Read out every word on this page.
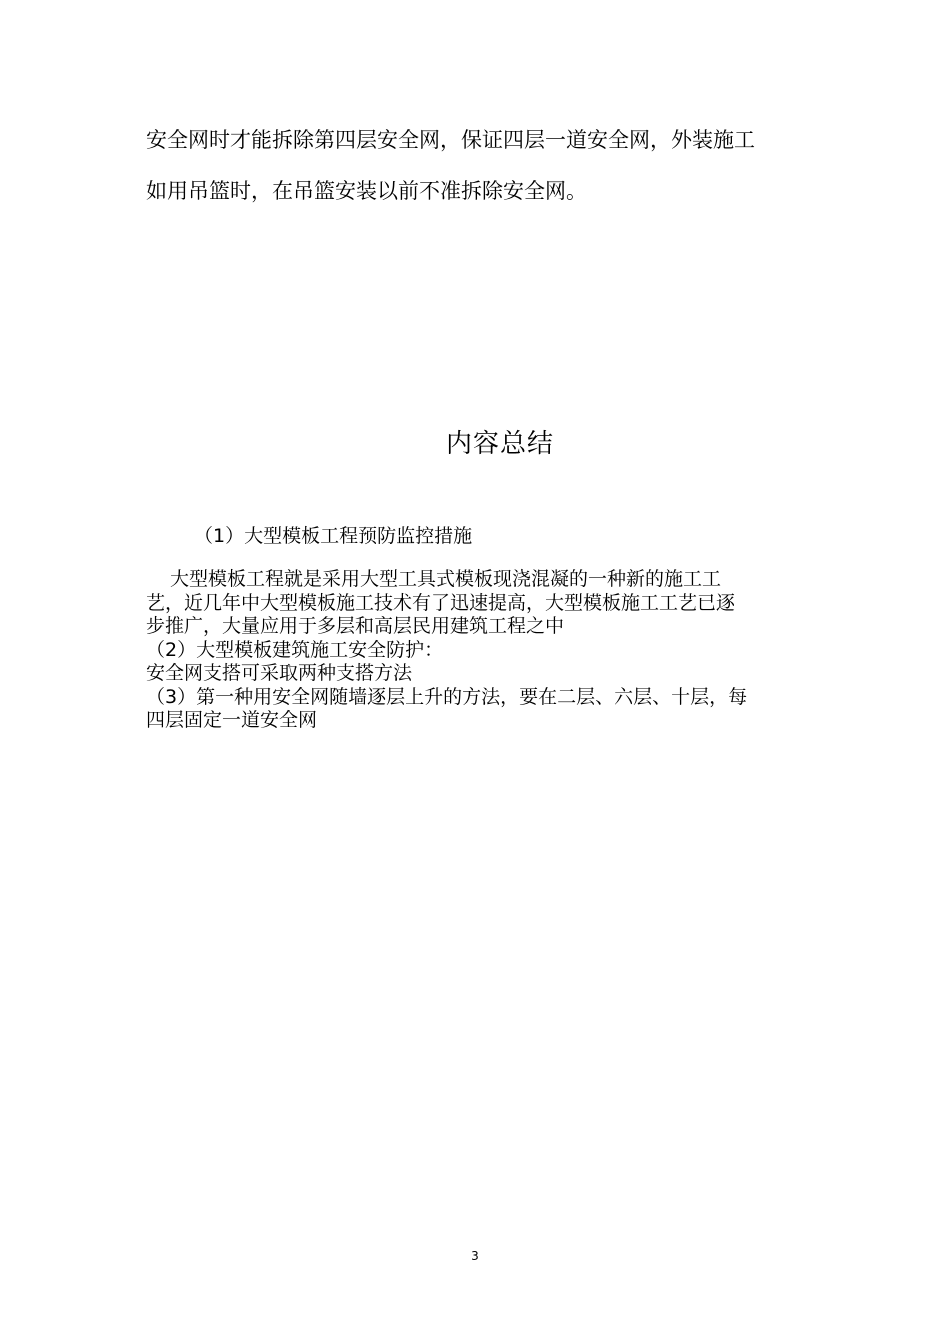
安全网时才能拆除第四层安全网，保证四层一道安全网，外装施工
如用吊篮时，在吊篮安装以前不准拆除安全网。
内容总结
（1）大型模板工程预防监控措施
大型模板工程就是采用大型工具式模板现浇混凝的一种新的施工工
艺，近几年中大型模板施工技术有了迅速提高，大型模板施工工艺已逐
步推广，大量应用于多层和高层民用建筑工程之中
（2）大型模板建筑施工安全防护：
安全网支搭可采取两种支搭方法
（3）第一种用安全网随墙逐层上升的方法，要在二层、六层、十层，每
四层固定一道安全网
3
